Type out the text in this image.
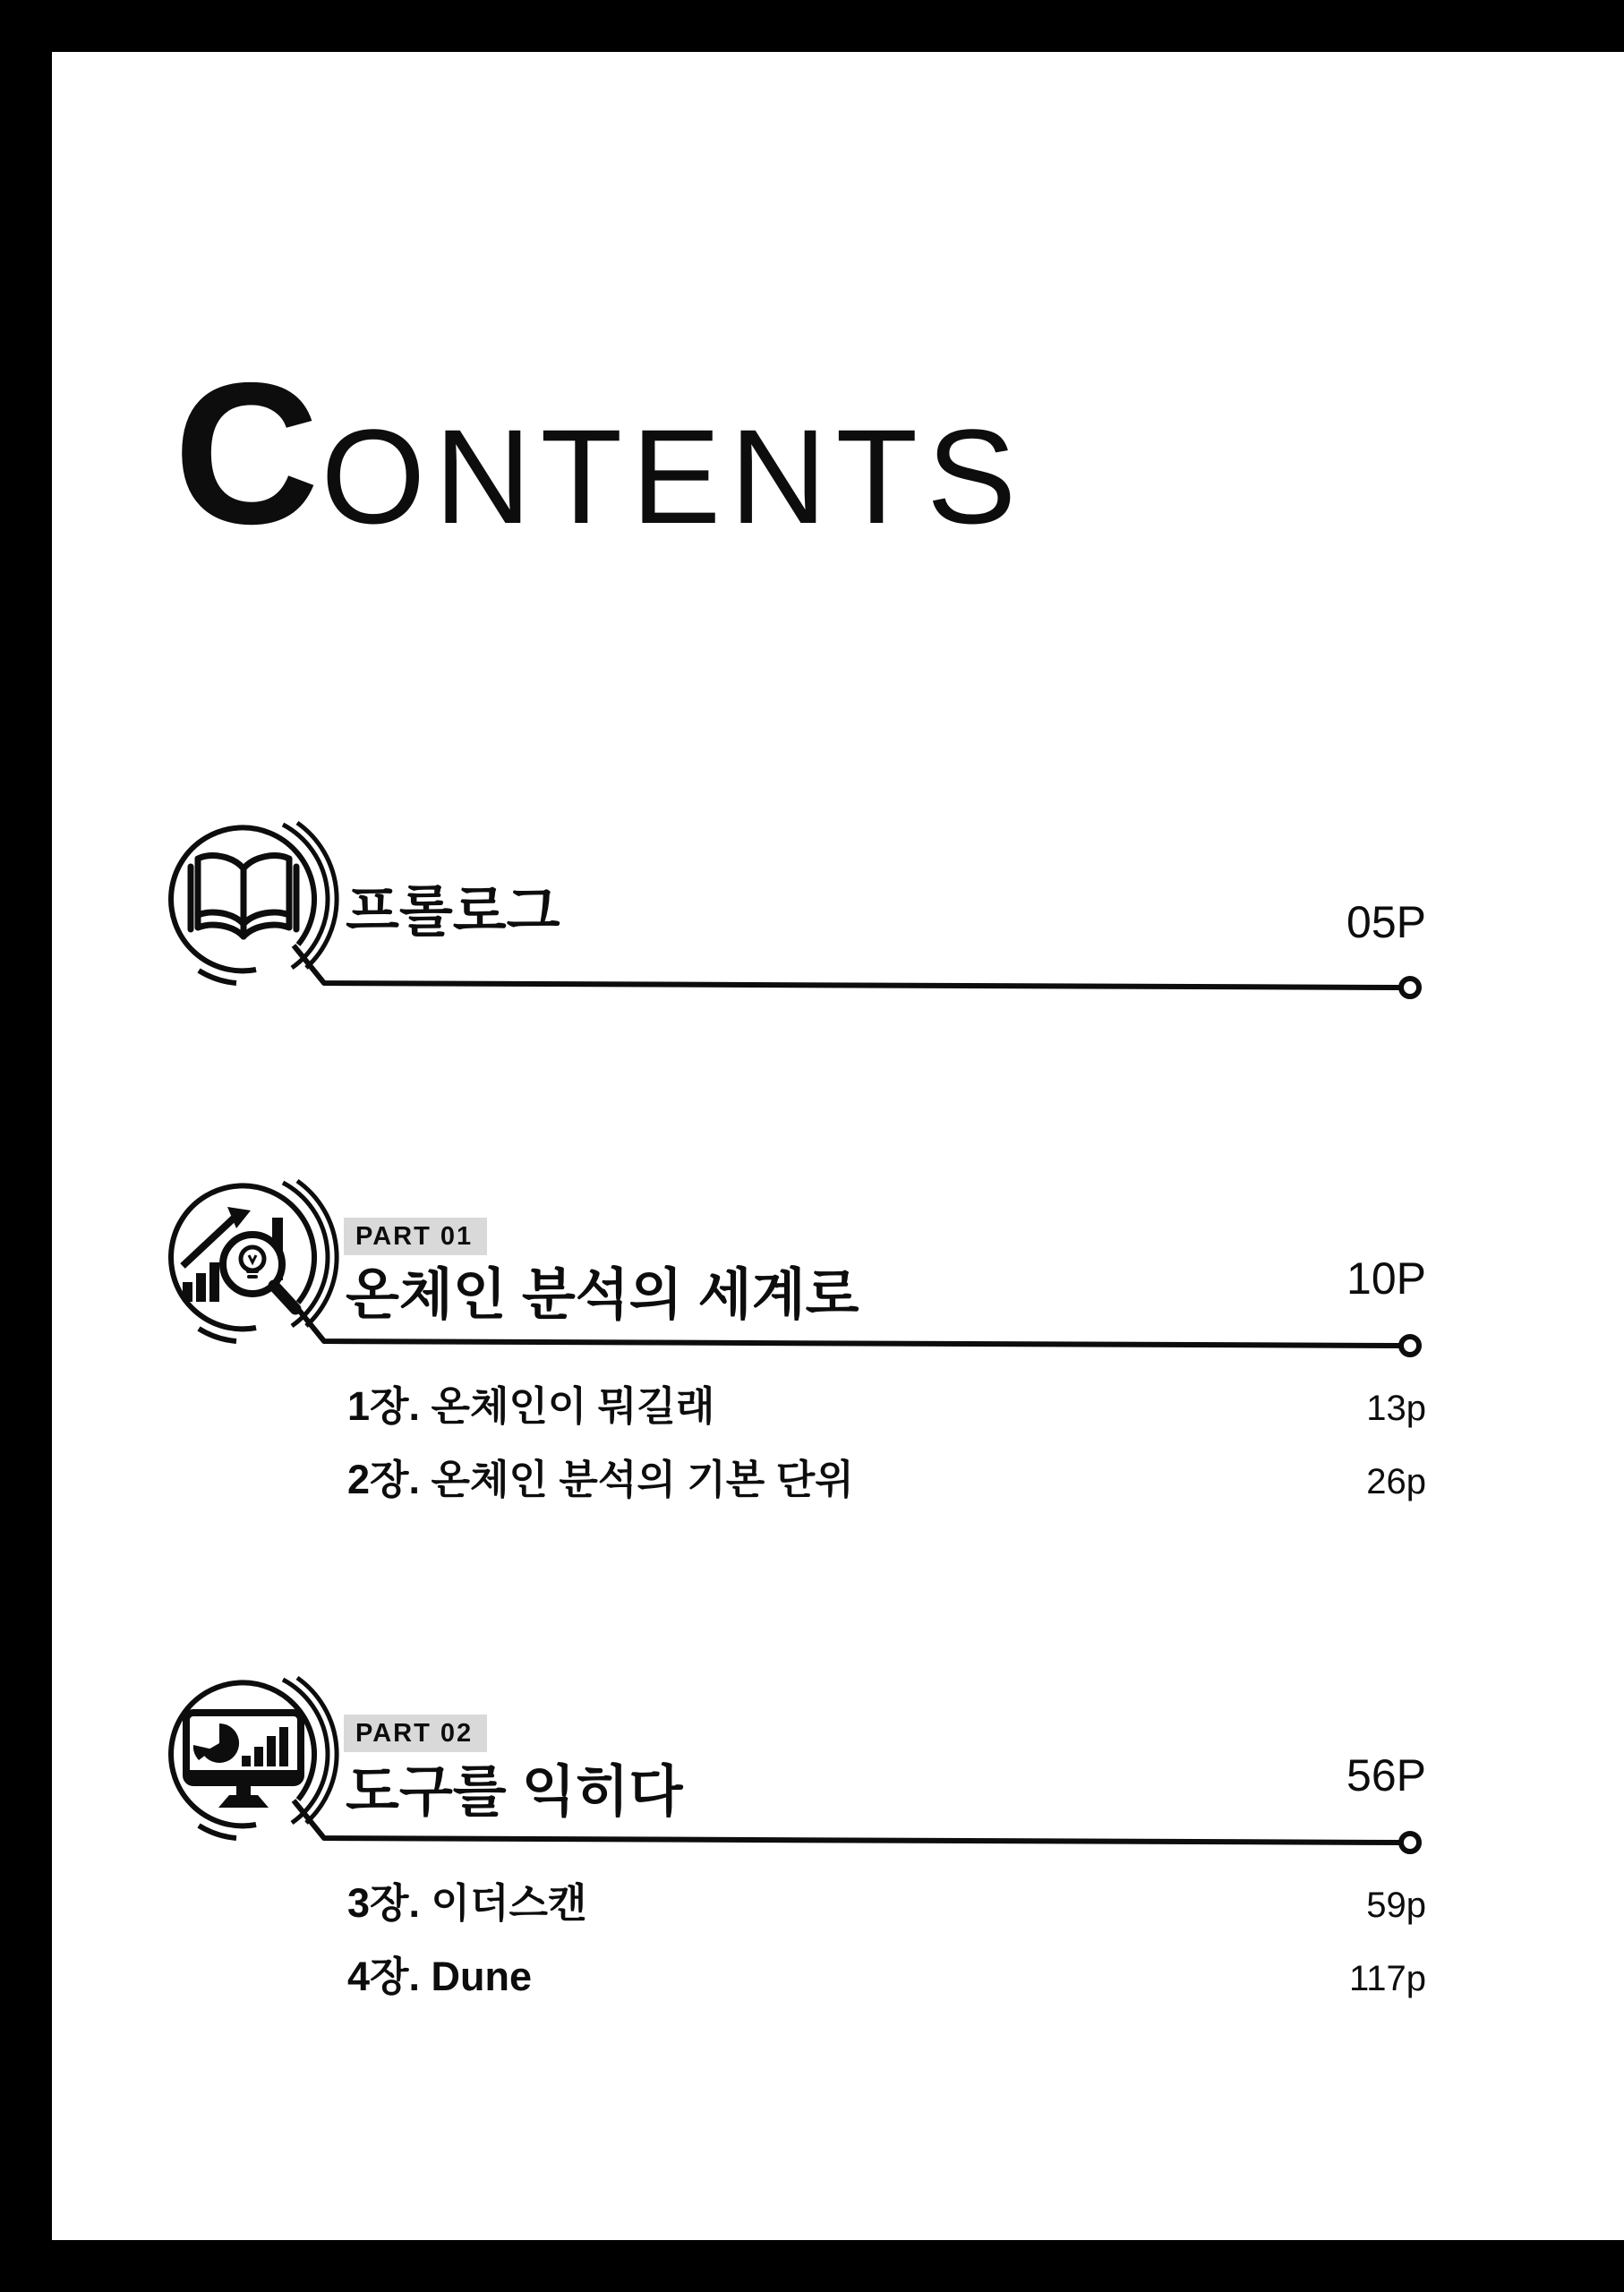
C ONTENTS
프롤로그	05P
PART 01
온체인 분석의 세계로	10P
1장. 온체인이 뭐길래	13p
2장. 온체인 분석의 기본 단위	26p
PART 02
도구를 익히다	56P
3장. 이더스캔	59p
4장. Dune	117p
